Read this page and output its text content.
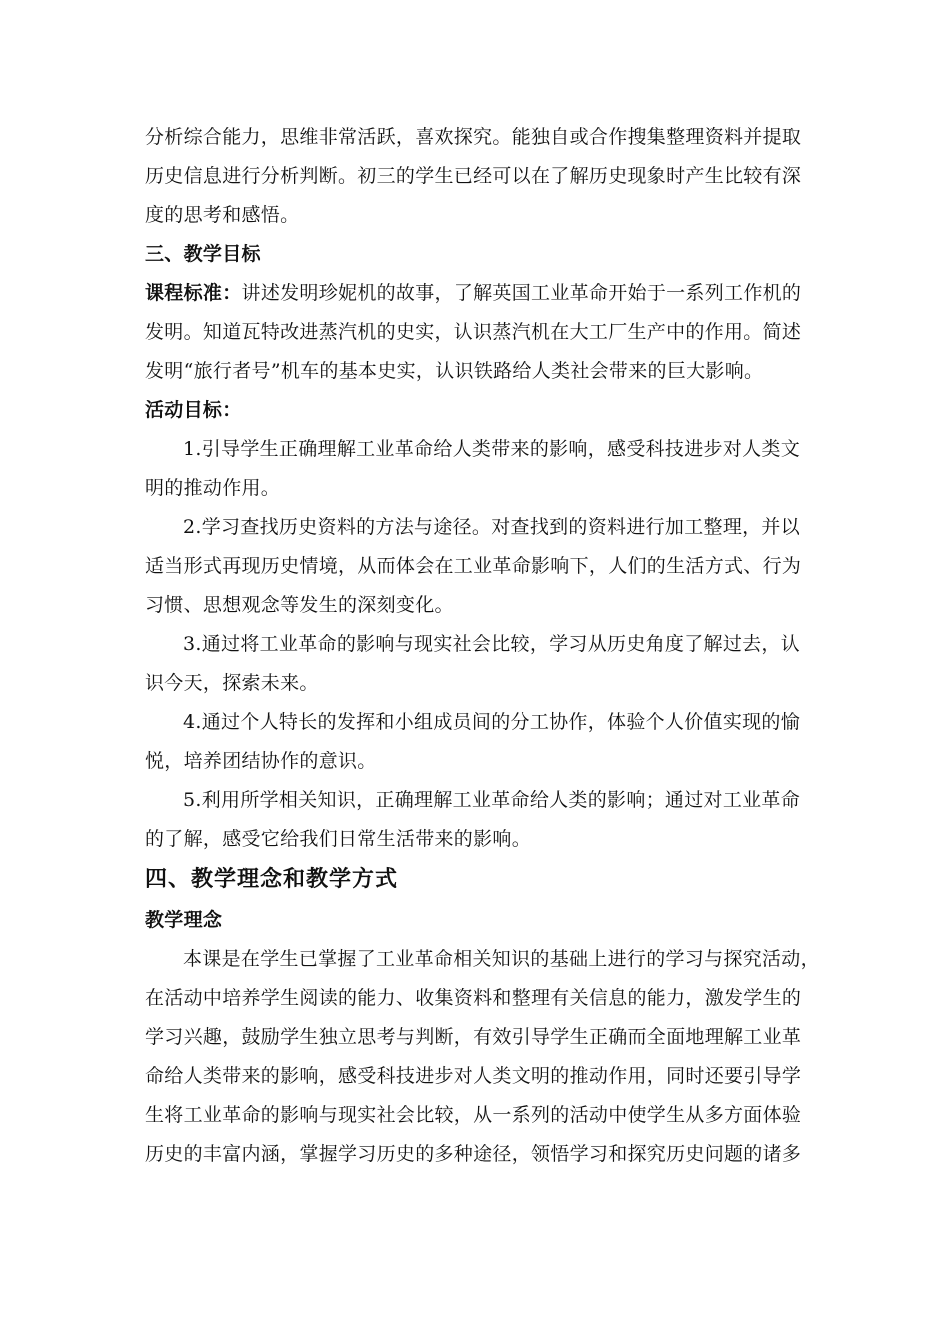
分析综合能力，思维非常活跃，喜欢探究。能独自或合作搜集整理资料并提取
历史信息进行分析判断。初三的学生已经可以在了解历史现象时产生比较有深
度的思考和感悟。
三、教学目标
课程标准：讲述发明珍妮机的故事，了解英国工业革命开始于一系列工作机的
发明。知道瓦特改进蒸汽机的史实，认识蒸汽机在大工厂生产中的作用。简述
发明“旅行者号”机车的基本史实，认识铁路给人类社会带来的巨大影响。
活动目标：
1.引导学生正确理解工业革命给人类带来的影响，感受科技进步对人类文
明的推动作用。
2.学习查找历史资料的方法与途径。对查找到的资料进行加工整理，并以
适当形式再现历史情境，从而体会在工业革命影响下，人们的生活方式、行为
习惯、思想观念等发生的深刻变化。
3.通过将工业革命的影响与现实社会比较，学习从历史角度了解过去，认
识今天，探索未来。
4.通过个人特长的发挥和小组成员间的分工协作，体验个人价值实现的愉
悦，培养团结协作的意识。
5.利用所学相关知识，正确理解工业革命给人类的影响；通过对工业革命
的了解，感受它给我们日常生活带来的影响。
四、教学理念和教学方式
教学理念
本课是在学生已掌握了工业革命相关知识的基础上进行的学习与探究活动，
在活动中培养学生阅读的能力、收集资料和整理有关信息的能力，激发学生的
学习兴趣，鼓励学生独立思考与判断，有效引导学生正确而全面地理解工业革
命给人类带来的影响，感受科技进步对人类文明的推动作用，同时还要引导学
生将工业革命的影响与现实社会比较，从一系列的活动中使学生从多方面体验
历史的丰富内涵，掌握学习历史的多种途径，领悟学习和探究历史问题的诸多
